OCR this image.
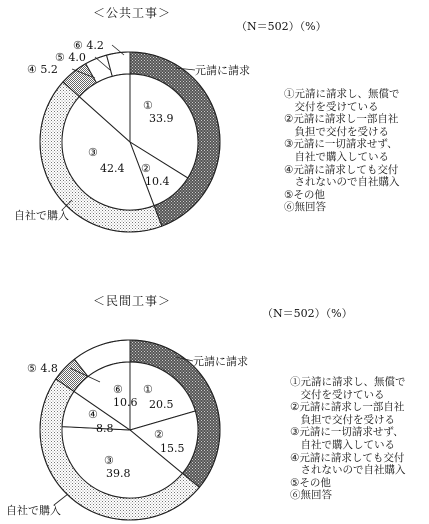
＜公共工事＞
（N＝502）（%）
元請に請求
自社で購入
④ 5.2
⑤ 4.0
⑥ 4.2
①
33.9
②
10.4
③
42.4
①元請に請求し、無償で
　交付を受けている
②元請に請求し一部自社
　負担で交付を受ける
③元請に一切請求せず、
　自社で購入している
④元請に請求しても交付
　されないので自社購入
⑤その他
⑥無回答
＜民間工事＞
（N＝502）（%）
元請に請求
自社で購入
⑤ 4.8
⑥
10.6
①
20.5
②
15.5
③
39.8
④
8.8
①元請に請求し、無償で
　交付を受けている
②元請に請求し一部自社
　負担で交付を受ける
③元請に一切請求せず、
　自社で購入している
④元請に請求しても交付
　されないので自社購入
⑤その他
⑥無回答
